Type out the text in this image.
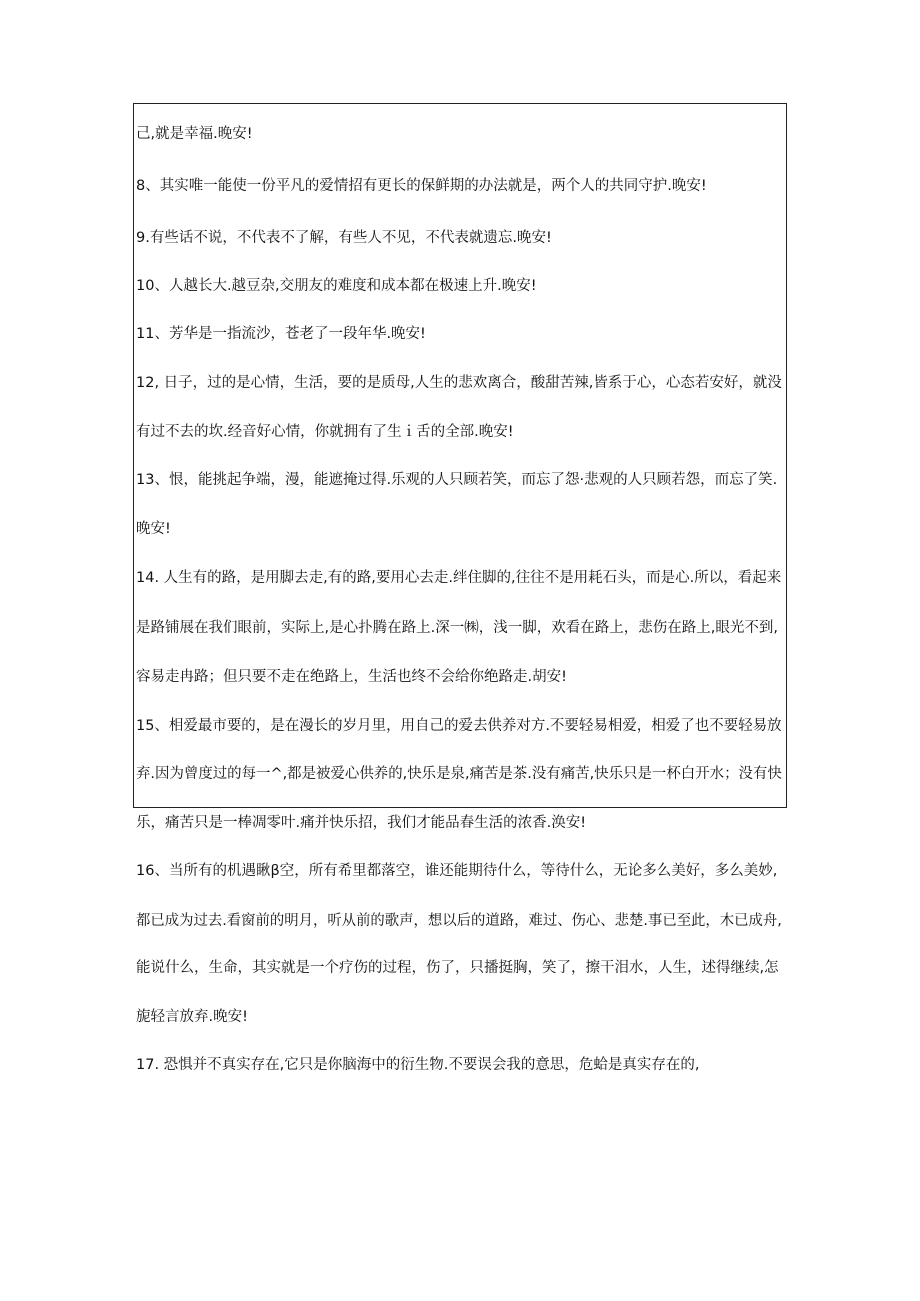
己,就是幸福.晚安!
8、其实唯一能使一份平凡的爱情招有更长的保鲜期的办法就是，两个人的共同守护.晚安!
9.有些话不说，不代表不了解，有些人不见，不代表就遗忘.晚安!
10、人越长大.越豆杂,交朋友的难度和成本都在极速上升.晚安!
11、芳华是一指流沙，苍老了一段年华.晚安!
12, 日子，过的是心情，生活，要的是质母,人生的悲欢离合，酸甜苦辣,皆系于心，心态若安好，就没
有过不去的坎.经音好心情，你就拥有了生ｉ舌的全部.晚安!
13、恨，能挑起争端，漫，能遮掩过得.乐观的人只顾若笑，而忘了怨·悲观的人只顾若怨，而忘了笑.
晚安!
14. 人生有的路，是用脚去走,有的路,要用心去走.绊住脚的,往往不是用耗石头，而是心.所以，看起来
是路铺展在我们眼前，实际上,是心扑腾在路上.深一㈱，浅一脚，欢看在路上，悲伤在路上,眼光不到,
容易走冉路；但只要不走在绝路上，生活也终不会给你绝路走.胡安!
15、相爱最市要的，是在漫长的岁月里，用自己的爱去供养对方.不要轻易相爱，相爱了也不要轻易放
弃.因为曾度过的每一^,都是被爱心供养的,快乐是泉,痛苦是茶.没有痛苦,快乐只是一杯白开水；没有快
乐，痛苦只是一棒凋零叶.痛并快乐招，我们才能品春生活的浓香.涣安!
16、当所有的机遇瞅β空，所有希里都落空，谁还能期待什么，等待什么，无论多么美好，多么美妙,
都已成为过去.看窗前的明月，听从前的歌声，想以后的道路，难过、伤心、悲楚.事已至此，木已成舟,
能说什么，生命，其实就是一个疗伤的过程，伤了，只播挺胸，笑了，擦干泪水，人生，述得继续,怎
旎轻言放弃.晚安!
17. 恐惧并不真实存在,它只是你脑海中的衍生物.不要误会我的意思，危蛤是真实存在的,
